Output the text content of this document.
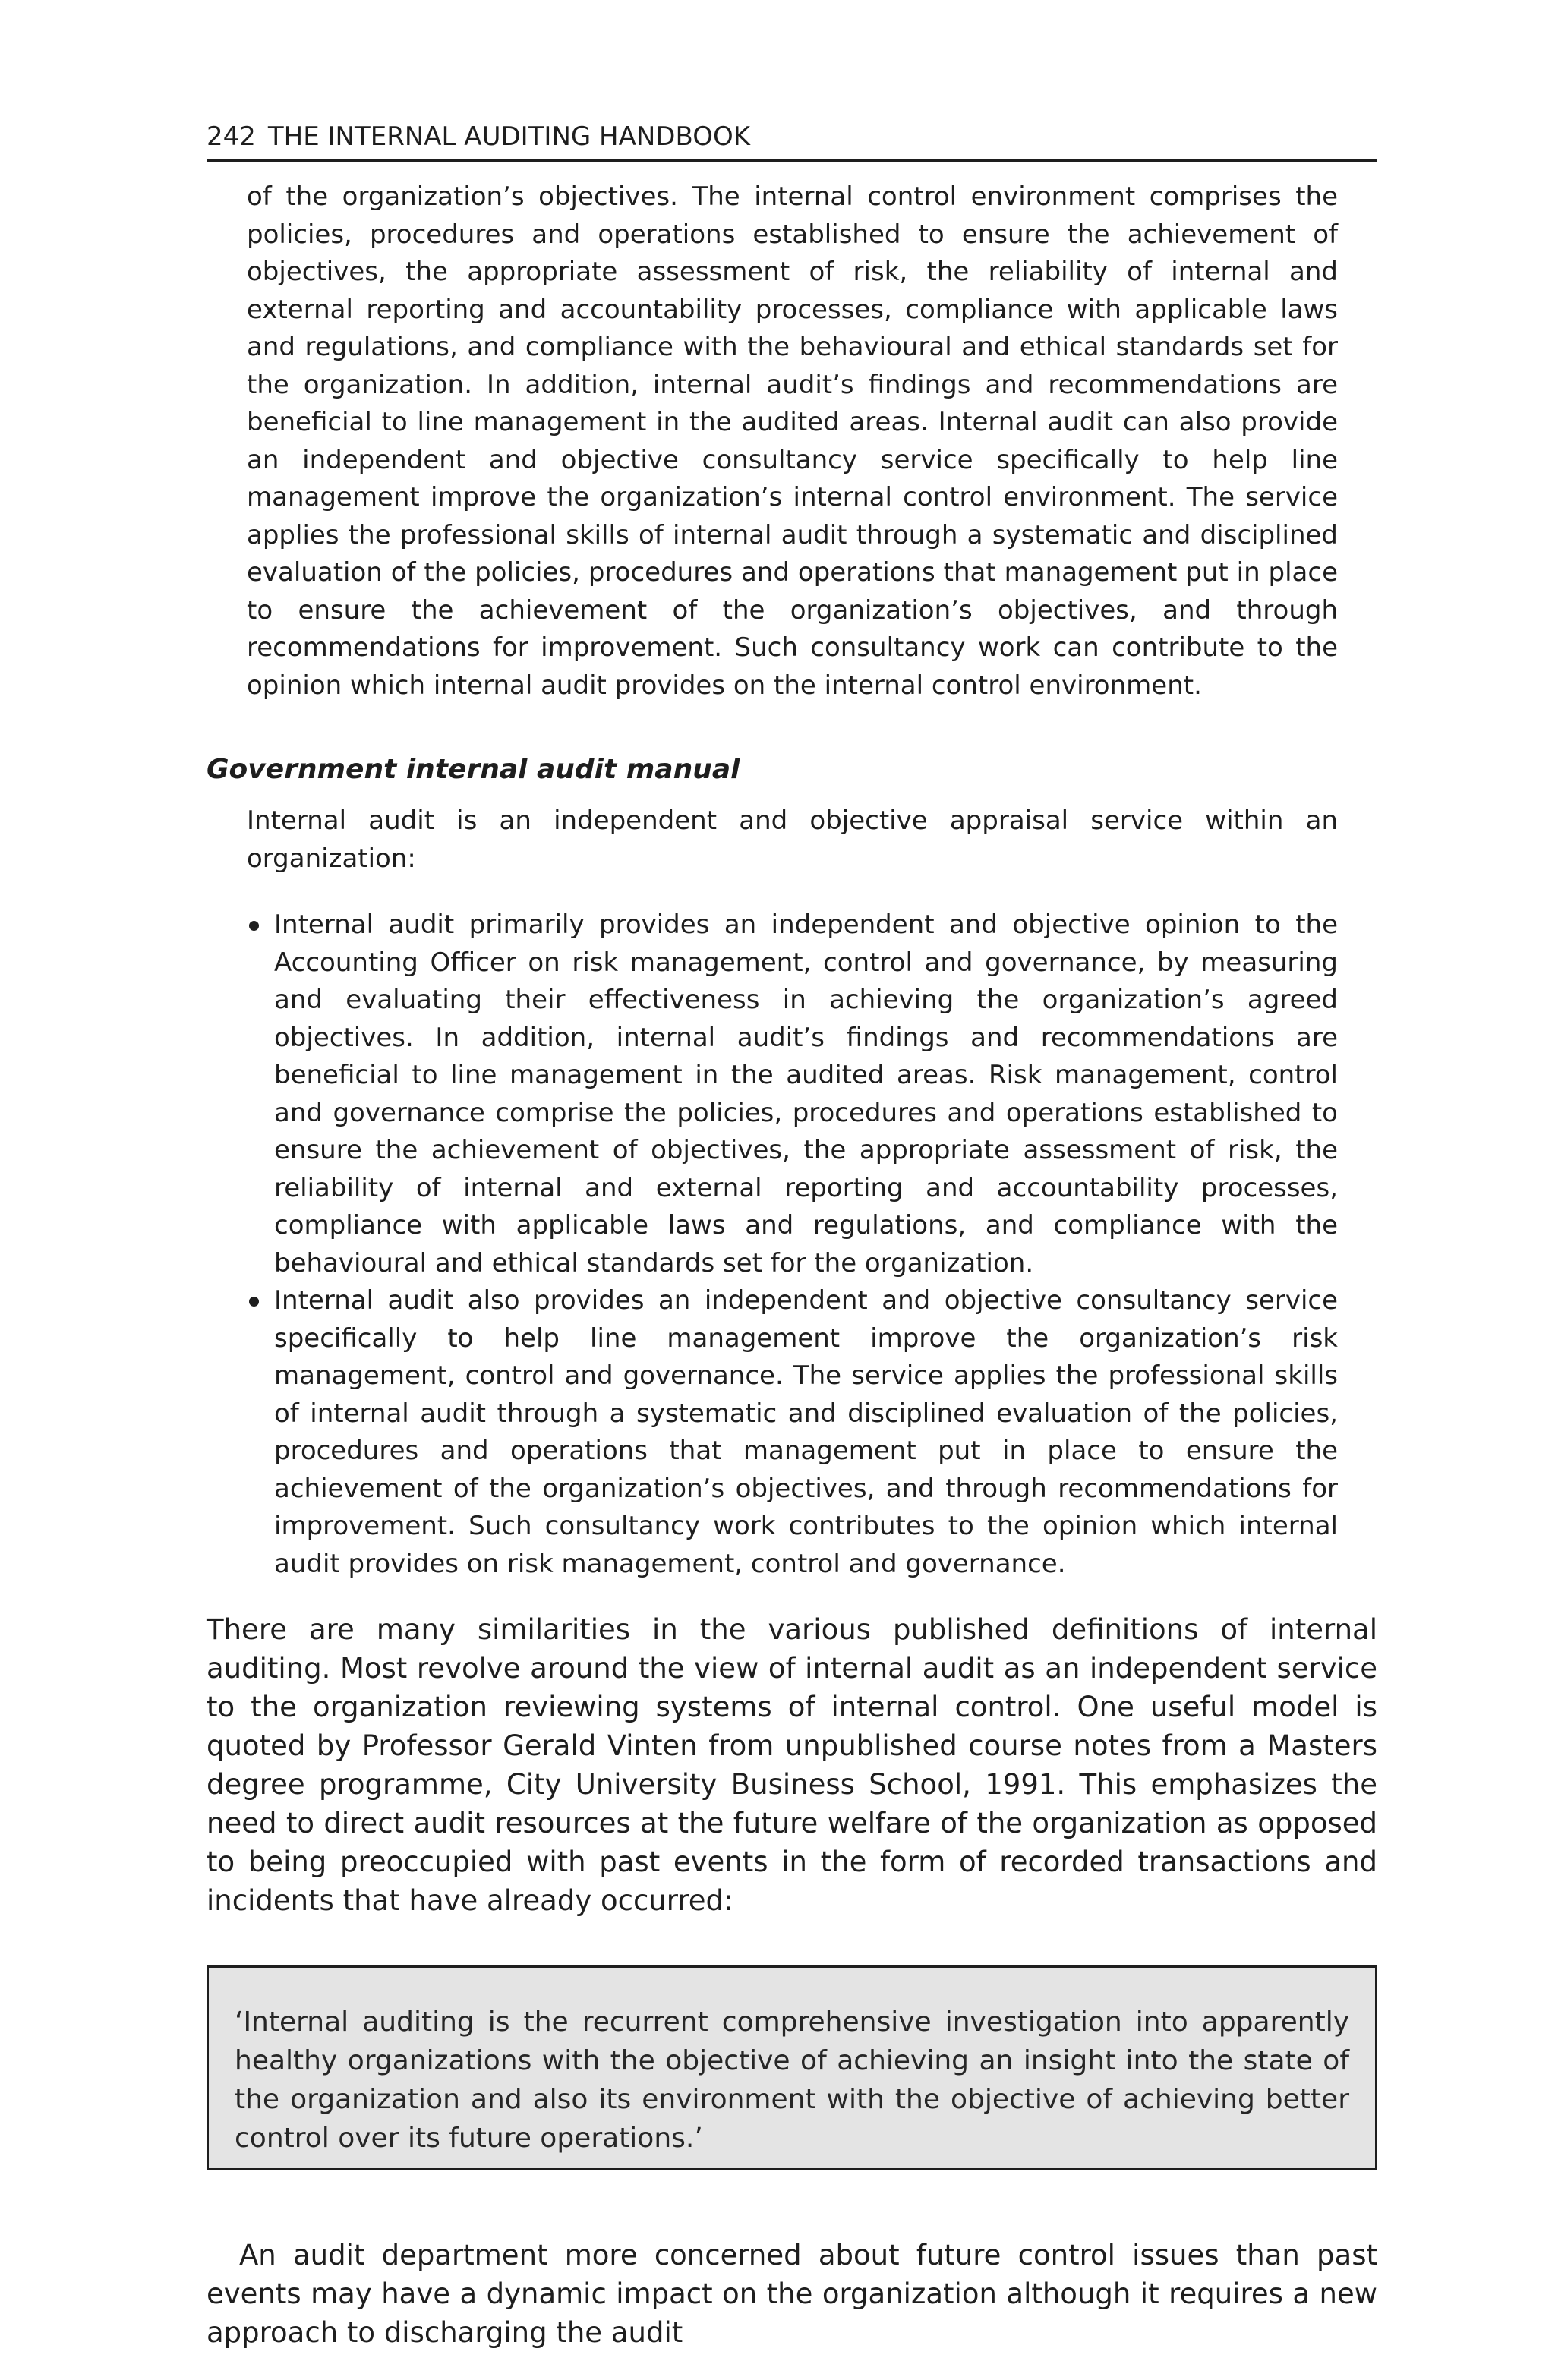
242 THE INTERNAL AUDITING HANDBOOK

of the organization’s objectives. The internal control environment comprises the policies, procedures and operations established to ensure the achievement of objectives, the appropriate assessment of risk, the reliability of internal and external reporting and accountability processes, compliance with applicable laws and regulations, and compliance with the behavioural and ethical standards set for the organization. In addition, internal audit’s findings and recommendations are beneficial to line management in the audited areas. Internal audit can also provide an independent and objective consultancy service specifically to help line management improve the organization’s internal control environment. The service applies the professional skills of internal audit through a systematic and disciplined evaluation of the policies, procedures and operations that management put in place to ensure the achievement of the organization’s objectives, and through recommendations for improvement. Such consultancy work can contribute to the opinion which internal audit provides on the internal control environment.

Government internal audit manual

Internal audit is an independent and objective appraisal service within an organization:

Internal audit primarily provides an independent and objective opinion to the Accounting Officer on risk management, control and governance, by measuring and evaluating their effectiveness in achieving the organization’s agreed objectives. In addition, internal audit’s findings and recommendations are beneficial to line management in the audited areas. Risk management, control and governance comprise the policies, procedures and operations established to ensure the achievement of objectives, the appropriate assessment of risk, the reliability of internal and external reporting and accountability processes, compliance with applicable laws and regulations, and compliance with the behavioural and ethical standards set for the organization.

Internal audit also provides an independent and objective consultancy service specifically to help line management improve the organization’s risk management, control and governance. The service applies the professional skills of internal audit through a systematic and disciplined evaluation of the policies, procedures and operations that management put in place to ensure the achievement of the organization’s objectives, and through recommendations for improvement. Such consultancy work contributes to the opinion which internal audit provides on risk management, control and governance.

There are many similarities in the various published definitions of internal auditing. Most revolve around the view of internal audit as an independent service to the organization reviewing systems of internal control. One useful model is quoted by Professor Gerald Vinten from unpublished course notes from a Masters degree programme, City University Business School, 1991. This emphasizes the need to direct audit resources at the future welfare of the organization as opposed to being preoccupied with past events in the form of recorded transactions and incidents that have already occurred:

‘Internal auditing is the recurrent comprehensive investigation into apparently healthy organizations with the objective of achieving an insight into the state of the organization and also its environment with the objective of achieving better control over its future operations.’

An audit department more concerned about future control issues than past events may have a dynamic impact on the organization although it requires a new approach to discharging the audit
